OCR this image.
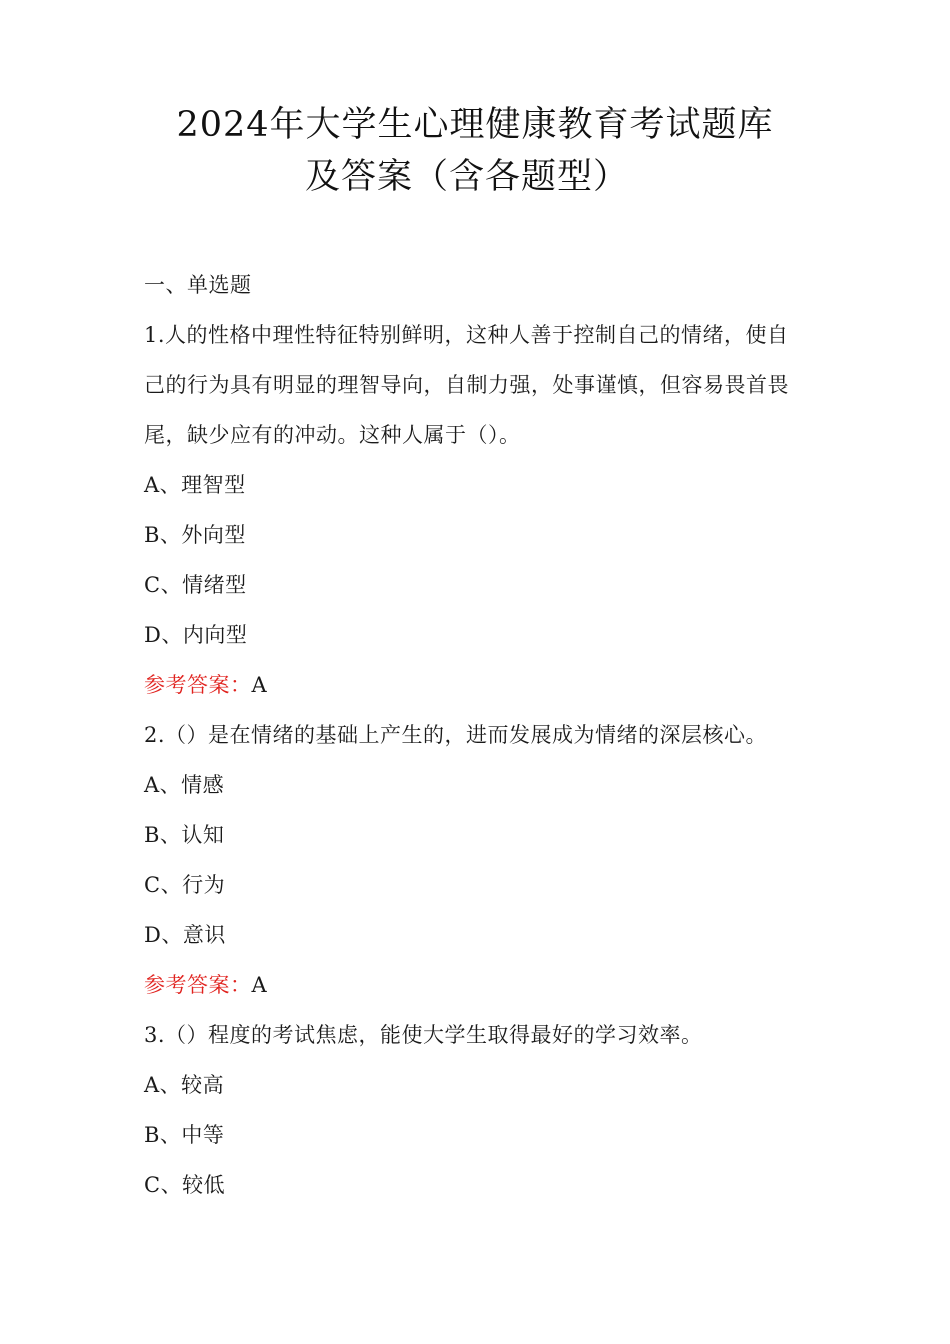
2024年大学生心理健康教育考试题库
及答案（含各题型）
一、单选题
1.人的性格中理性特征特别鲜明，这种人善于控制自己的情绪，使自
己的行为具有明显的理智导向，自制力强，处事谨慎，但容易畏首畏
尾，缺少应有的冲动。这种人属于（）。
A、理智型
B、外向型
C、情绪型
D、内向型
参考答案：A
2.（）是在情绪的基础上产生的，进而发展成为情绪的深层核心。
A、情感
B、认知
C、行为
D、意识
参考答案：A
3.（）程度的考试焦虑，能使大学生取得最好的学习效率。
A、较高
B、中等
C、较低
